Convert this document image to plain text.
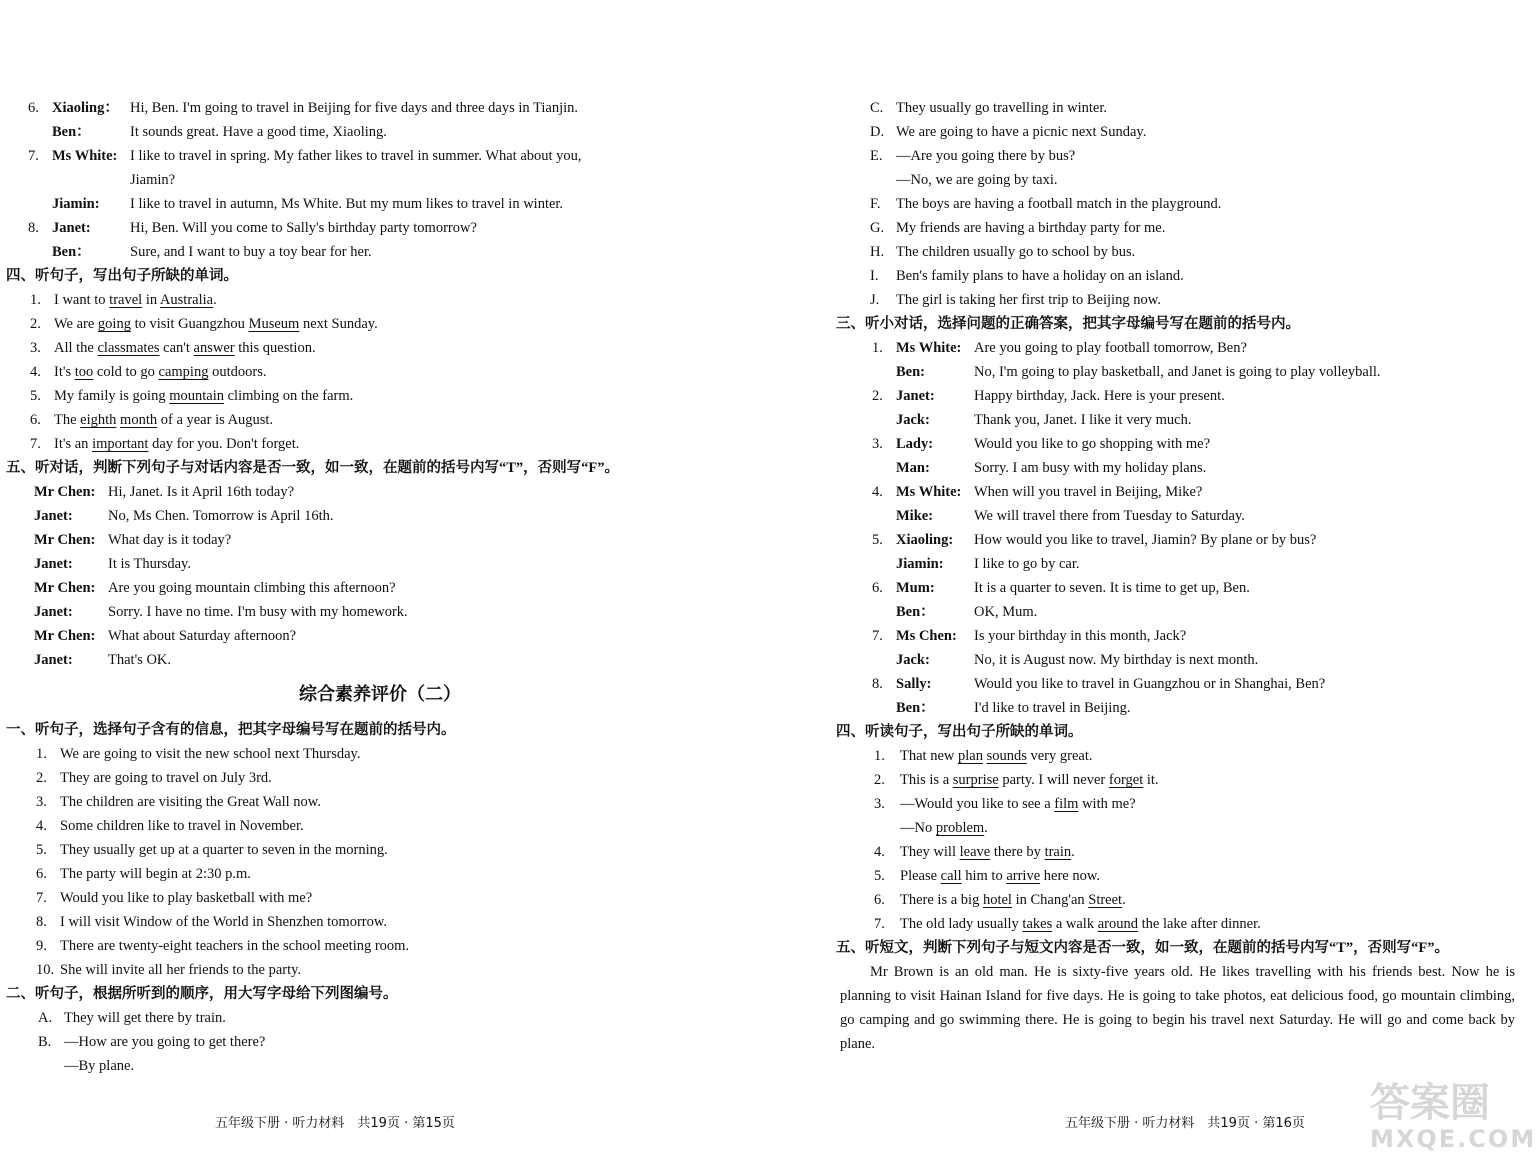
6. Xiaoling： Hi, Ben. I'm going to travel in Beijing for five days and three days in Tianjin.
Ben：	It sounds great. Have a good time, Xiaoling.
7. Ms White: I like to travel in spring. My father likes to travel in summer. What about you,
Jiamin?
Jiamin: I like to travel in autumn, Ms White. But my mum likes to travel in winter.
8. Janet:	Hi, Ben. Will you come to Sally's birthday party tomorrow?
Ben：	Sure, and I want to buy a toy bear for her.
四、听句子，写出句子所缺的单词。
1. I want to travel in Australia.
2. We are going to visit Guangzhou Museum next Sunday.
3. All the classmates can't answer this question.
4. It's too cold to go camping outdoors.
5. My family is going mountain climbing on the farm.
6. The eighth month of a year is August.
7. It's an important day for you. Don't forget.
五、听对话，判断下列句子与对话内容是否一致，如一致，在题前的括号内写“T”，否则写“F”。
Mr Chen: Hi, Janet. Is it April 16th today?
Janet: No, Ms Chen. Tomorrow is April 16th.
Mr Chen: What day is it today?
Janet: It is Thursday.
Mr Chen: Are you going mountain climbing this afternoon?
Janet: Sorry. I have no time. I'm busy with my homework.
Mr Chen: What about Saturday afternoon?
Janet: That's OK.
综合素养评价（二）
一、听句子，选择句子含有的信息，把其字母编号写在题前的括号内。
1. We are going to visit the new school next Thursday.
2. They are going to travel on July 3rd.
3. The children are visiting the Great Wall now.
4. Some children like to travel in November.
5. They usually get up at a quarter to seven in the morning.
6. The party will begin at 2:30 p.m.
7. Would you like to play basketball with me?
8. I will visit Window of the World in Shenzhen tomorrow.
9. There are twenty-eight teachers in the school meeting room.
10. She will invite all her friends to the party.
二、听句子，根据所听到的顺序，用大写字母给下列图编号。
A. They will get there by train.
B. —How are you going to get there?
—By plane.
C. They usually go travelling in winter.
D. We are going to have a picnic next Sunday.
E. —Are you going there by bus?
—No, we are going by taxi.
F. The boys are having a football match in the playground.
G. My friends are having a birthday party for me.
H. The children usually go to school by bus.
I. Ben's family plans to have a holiday on an island.
J. The girl is taking her first trip to Beijing now.
三、听小对话，选择问题的正确答案，把其字母编号写在题前的括号内。
1. Ms White: Are you going to play football tomorrow, Ben?
Ben:	No, I'm going to play basketball, and Janet is going to play volleyball.
2. Janet:	Happy birthday, Jack. Here is your present.
Jack:	Thank you, Janet. I like it very much.
3. Lady:	Would you like to go shopping with me?
Man:	Sorry. I am busy with my holiday plans.
4. Ms White: When will you travel in Beijing, Mike?
Mike:	We will travel there from Tuesday to Saturday.
5. Xiaoling: How would you like to travel, Jiamin? By plane or by bus?
Jiamin: I like to go by car.
6. Mum:	It is a quarter to seven. It is time to get up, Ben.
Ben：	OK, Mum.
7. Ms Chen: Is your birthday in this month, Jack?
Jack:	No, it is August now. My birthday is next month.
8. Sally:	Would you like to travel in Guangzhou or in Shanghai, Ben?
Ben：	I'd like to travel in Beijing.
四、听读句子，写出句子所缺的单词。
1. That new plan sounds very great.
2. This is a surprise party. I will never forget it.
3. —Would you like to see a film with me?
—No problem.
4. They will leave there by train.
5. Please call him to arrive here now.
6. There is a big hotel in Chang'an Street.
7. The old lady usually takes a walk around the lake after dinner.
五、听短文，判断下列句子与短文内容是否一致，如一致，在题前的括号内写“T”，否则写“F”。
Mr Brown is an old man. He is sixty-five years old. He likes travelling with his friends best. Now he is planning to visit Hainan Island for five days. He is going to take photos, eat delicious food, go mountain climbing, go camping and go swimming there. He is going to begin his travel next Saturday. He will go and come back by plane.
五年级下册 · 听力材料　共19页 · 第15页	五年级下册 · 听力材料　共19页 · 第16页 答案圈
MXQE.COM
